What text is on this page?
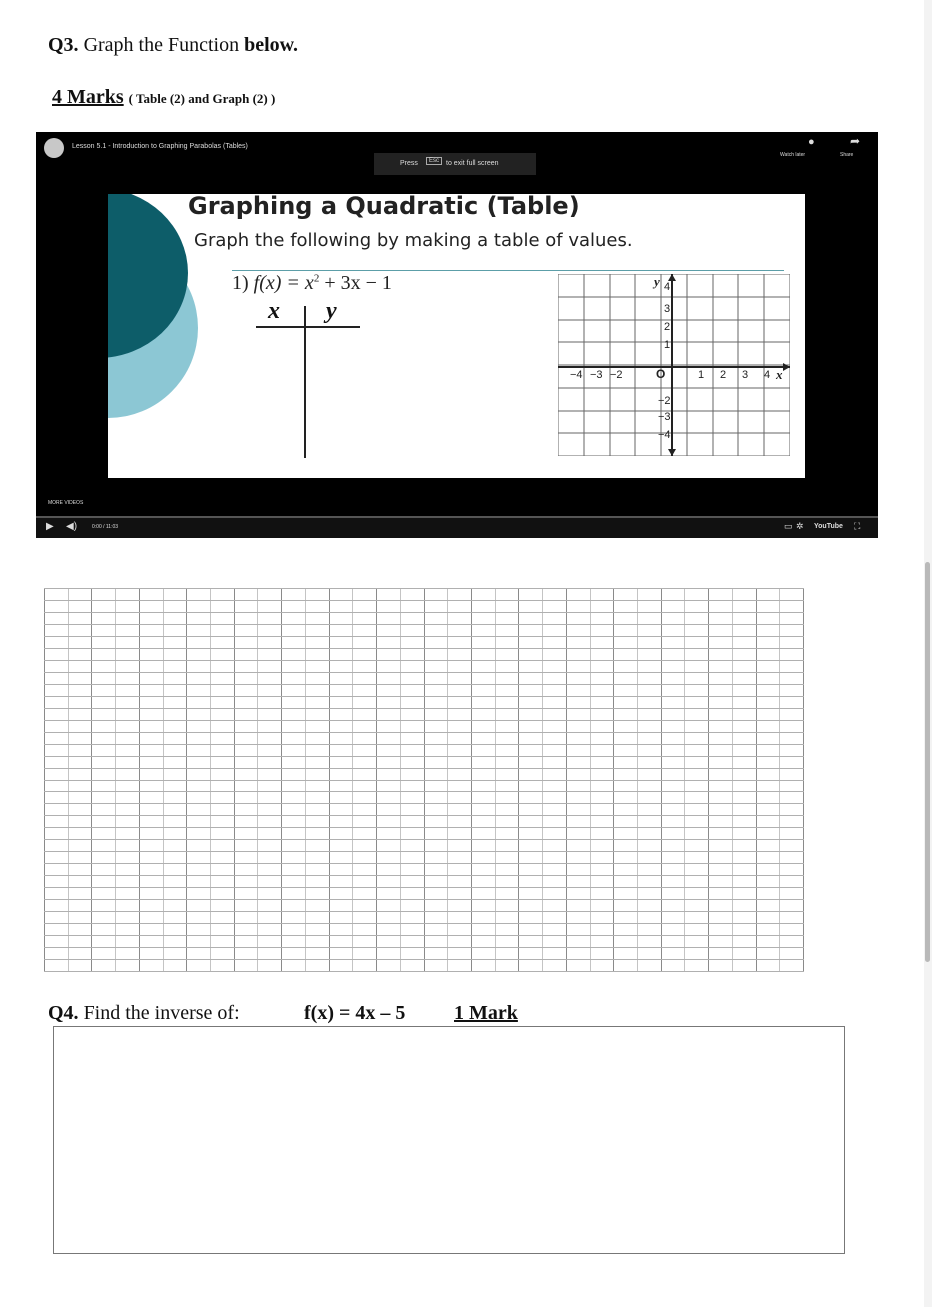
Q3. Graph the Function below.
4 Marks ( Table (2) and Graph (2) )
Lesson 5.1 - Introduction to Graphing Parabolas (Tables)
Press	Esc to exit full screen
●	➦
Watch later	Share
Graphing a Quadratic (Table)
Graph the following by making a table of values.
1) $f(x) = x^2 + 3x - 1$
x y
y
x
O
−4 −3 −2	1 2 3 4
4
3
2
1
−2
−3
−4
MORE VIDEOS
▶ ◀)	0:00 / 11:03	▭ ✲ YouTube ⛶
Q4. Find the inverse of:	f(x) = 4x – 5 1 Mark
